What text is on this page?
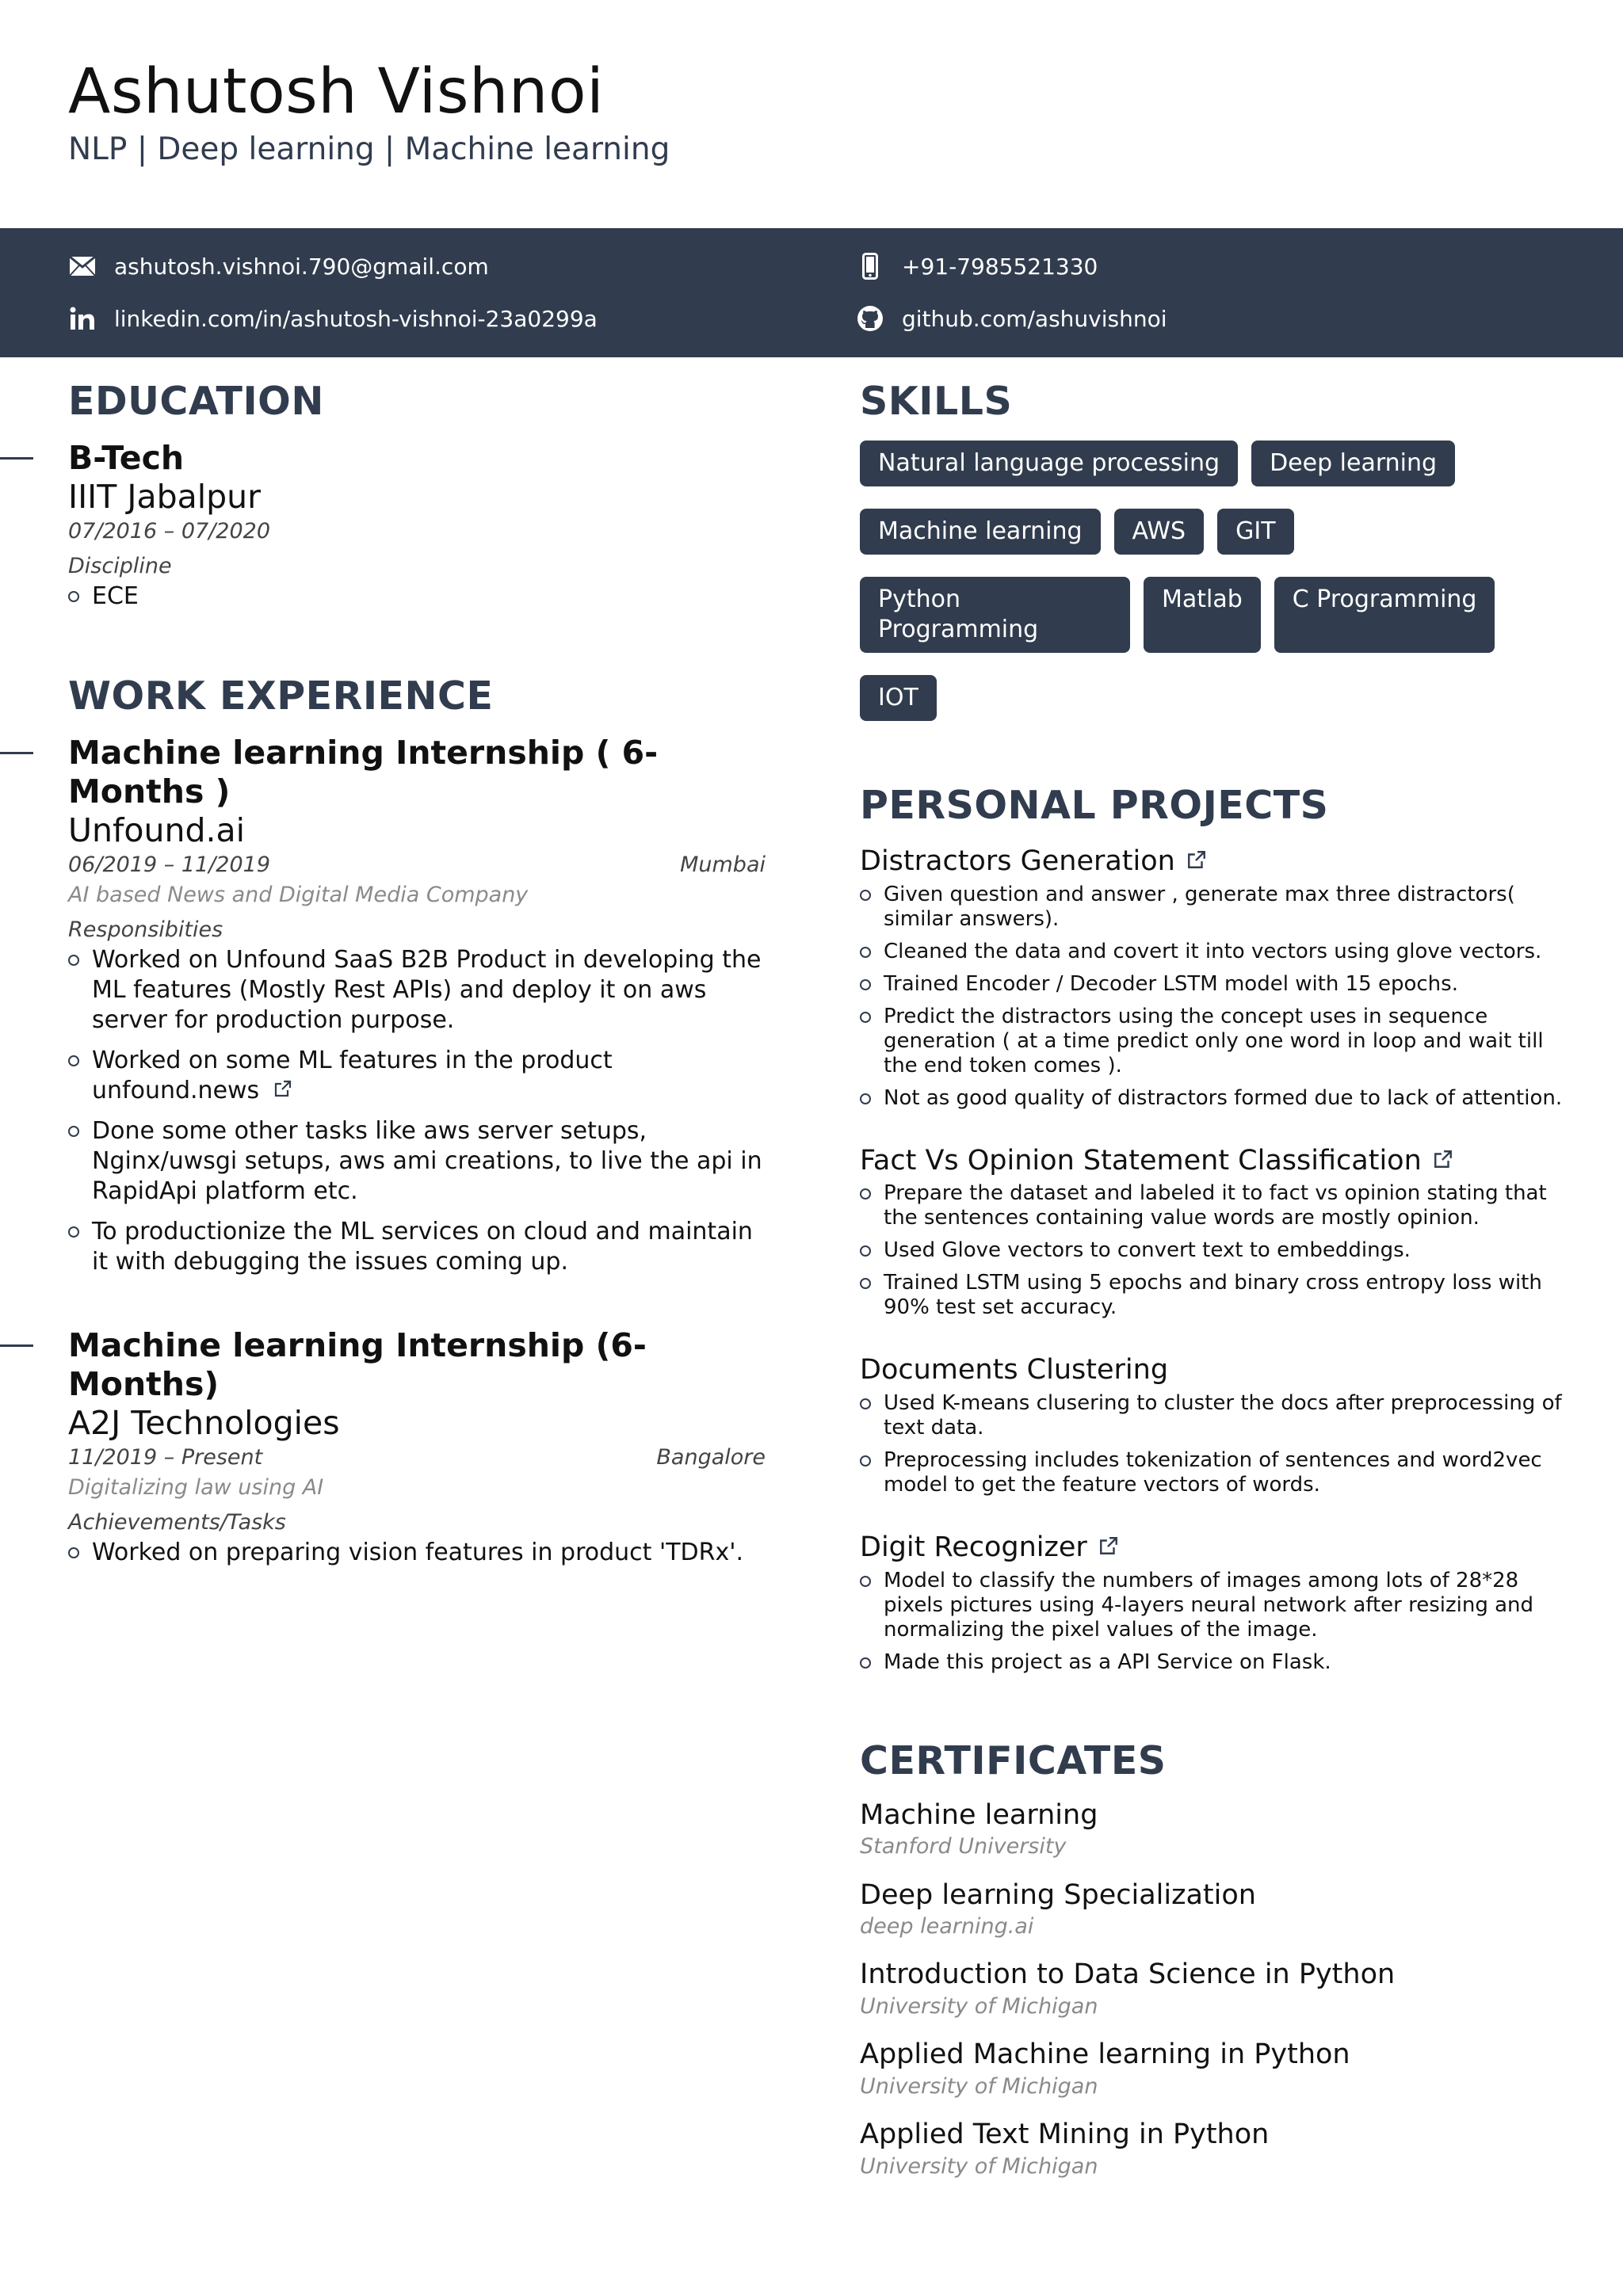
Ashutosh Vishnoi
NLP | Deep learning | Machine learning
ashutosh.vishnoi.790@gmail.com	+91-7985521330
linkedin.com/in/ashutosh-vishnoi-23a0299a	github.com/ashuvishnoi
EDUCATION
B-Tech
IIIT Jabalpur
07/2016 – 07/2020
Discipline
ECE
WORK EXPERIENCE
Machine learning Internship ( 6- Months )
Unfound.ai
06/2019 – 11/2019	Mumbai
AI based News and Digital Media Company
Responsibities
Worked on Unfound SaaS B2B Product in developing the ML features (Mostly Rest APIs) and deploy it on aws server for production purpose.
Worked on some ML features in the product unfound.news
Done some other tasks like aws server setups, Nginx/uwsgi setups, aws ami creations, to live the api in RapidApi platform etc.
To productionize the ML services on cloud and maintain it with debugging the issues coming up.
Machine learning Internship (6- Months)
A2J Technologies
11/2019 – Present	Bangalore
Digitalizing law using AI
Achievements/Tasks
Worked on preparing vision features in product 'TDRx'.
SKILLS
Natural language processing	Deep learning
Machine learning	AWS	GIT
Python Programming
Matlab	C Programming
IOT
PERSONAL PROJECTS
Distractors Generation
Given question and answer , generate max three distractors( similar answers).
Cleaned the data and covert it into vectors using glove vectors.
Trained Encoder / Decoder LSTM model with 15 epochs.
Predict the distractors using the concept uses in sequence generation ( at a time predict only one word in loop and wait till the end token comes ).
Not as good quality of distractors formed due to lack of attention.
Fact Vs Opinion Statement Classification
Prepare the dataset and labeled it to fact vs opinion stating that the sentences containing value words are mostly opinion.
Used Glove vectors to convert text to embeddings.
Trained LSTM using 5 epochs and binary cross entropy loss with 90% test set accuracy.
Documents Clustering
Used K-means clusering to cluster the docs after preprocessing of text data.
Preprocessing includes tokenization of sentences and word2vec model to get the feature vectors of words.
Digit Recognizer
Model to classify the numbers of images among lots of 28*28 pixels pictures using 4-layers neural network after resizing and normalizing the pixel values of the image.
Made this project as a API Service on Flask.
CERTIFICATES
Machine learning
Stanford University
Deep learning Specialization
deep learning.ai
Introduction to Data Science in Python
University of Michigan
Applied Machine learning in Python
University of Michigan
Applied Text Mining in Python
University of Michigan
